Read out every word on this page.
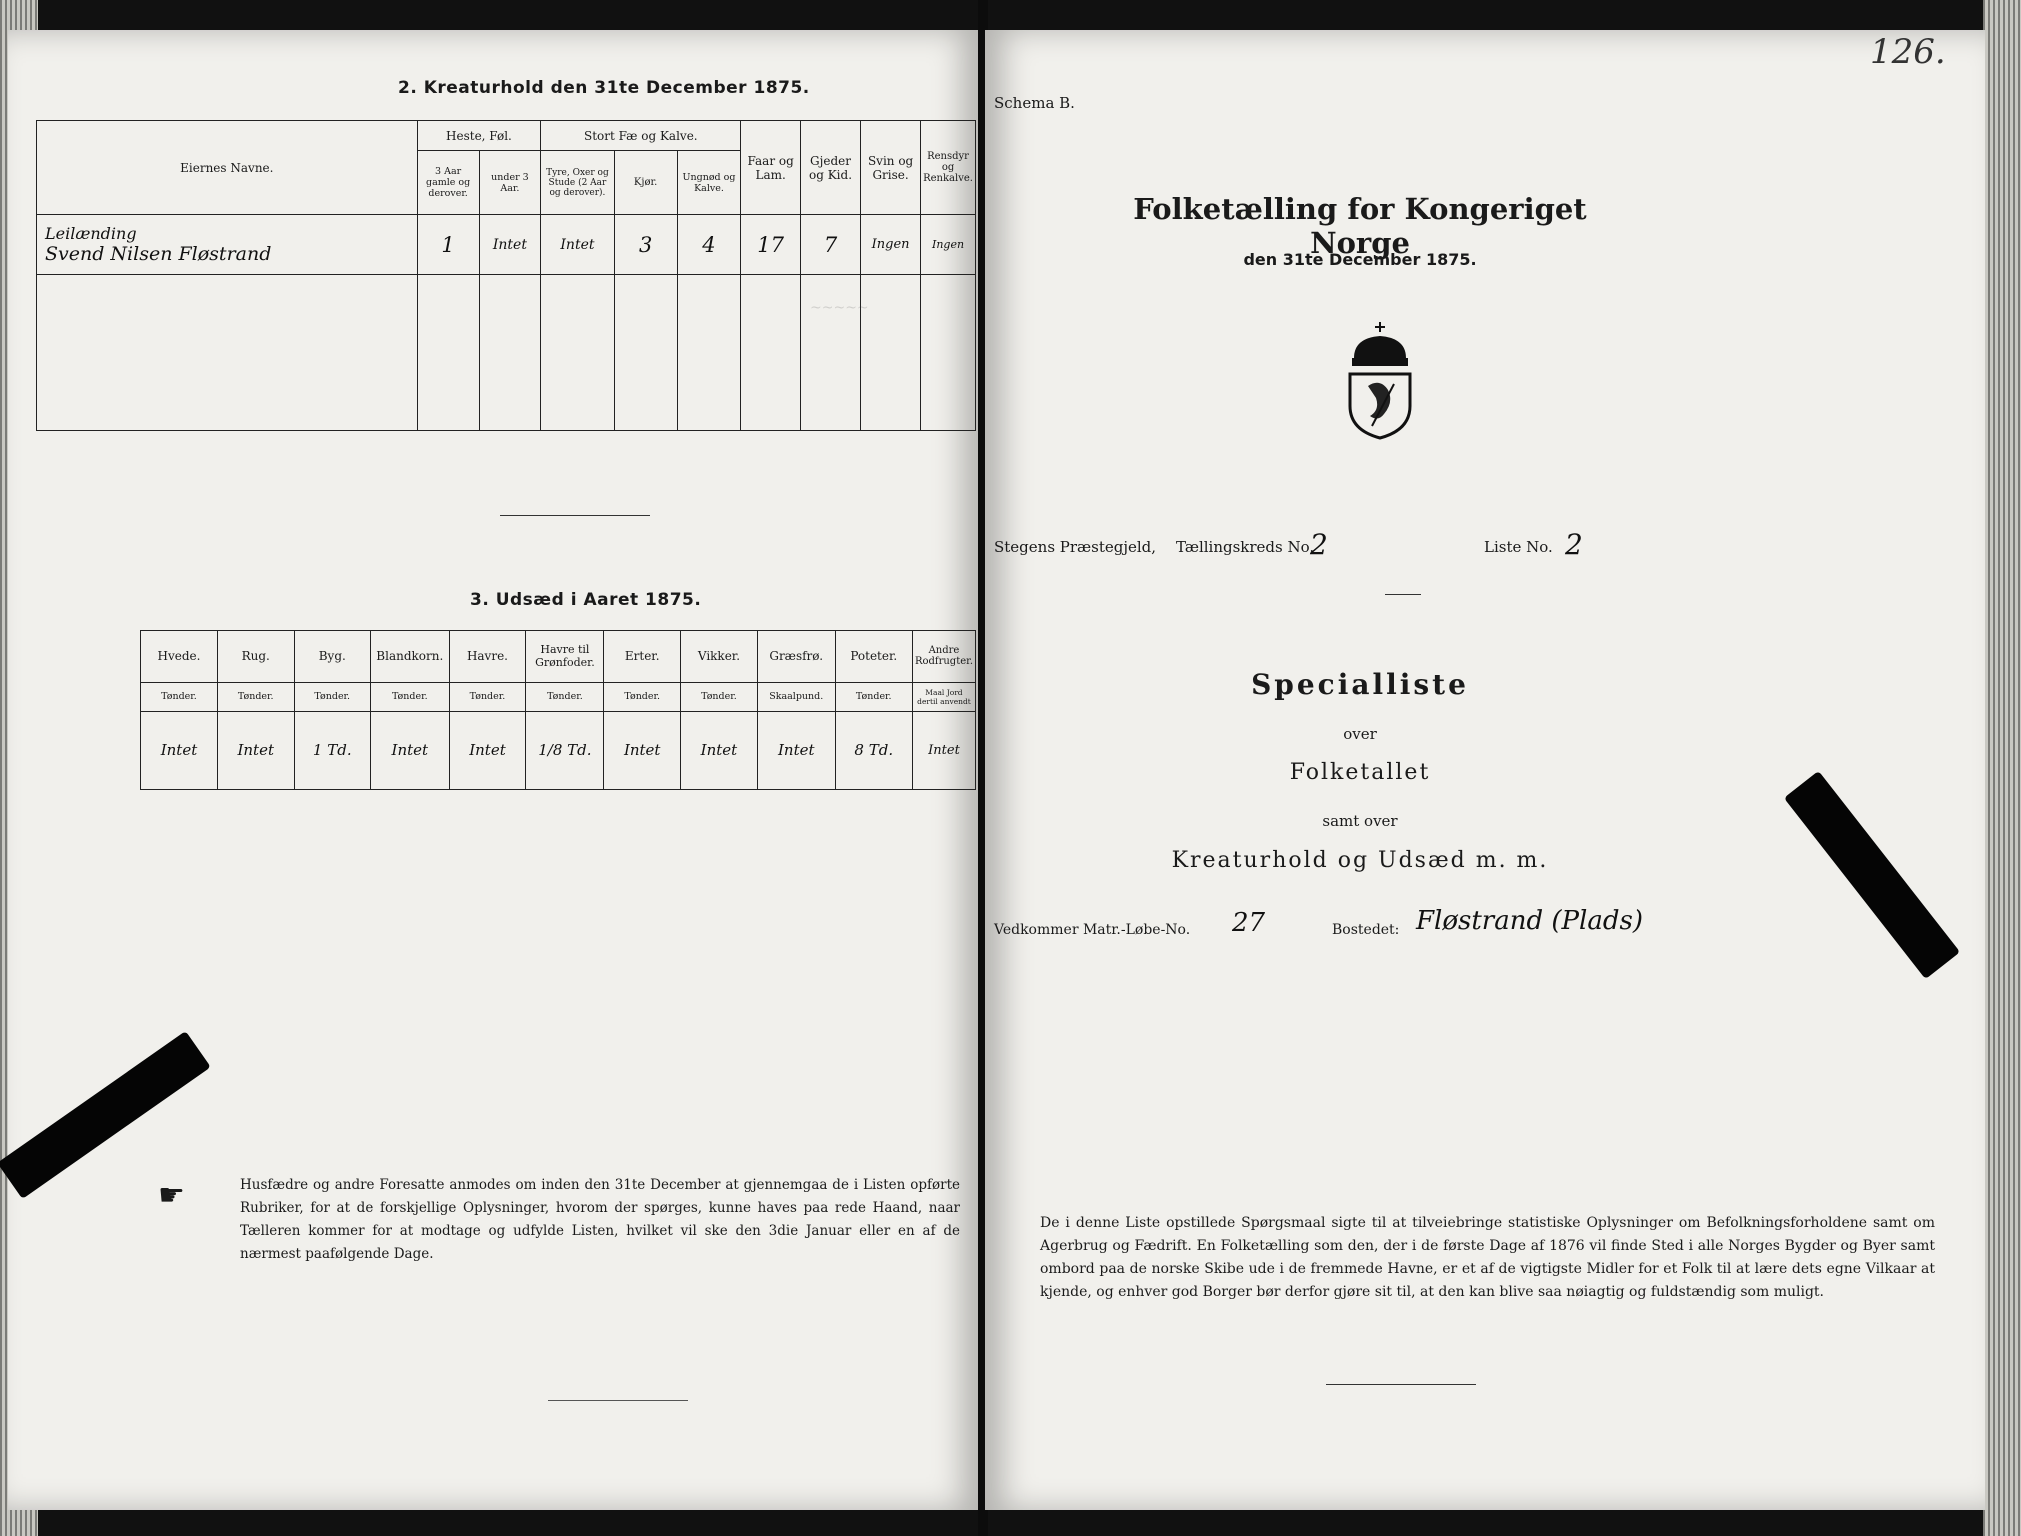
2. Kreaturhold den 31te December 1875.
Eiernes Navne.	Heste, Føl.		Stort Fæ og Kalve.			Faar og Lam.	Gjeder og Kid.	Svin og Grise.	Rensdyr og Renkalve.
	3 Aar gamle og derover.	under 3 Aar.	Tyre, Oxer og Stude (2 Aar og derover).	Kjør.	Ungnød og Kalve.				

Leilænding
Svend Nilsen Fløstrand	1	Intet	Intet	3	4	17	7	Ingen	Ingen

3. Udsæd i Aaret 1875.
Hvede.	Rug.	Byg.	Blandkorn.	Havre.	Havre til Grønfoder.	Erter.	Vikker.	Græsfrø.	Poteter.	Andre Rodfrugter.
Tønder.	Tønder.	Tønder.	Tønder.	Tønder.	Tønder.	Tønder.	Tønder.	Skaalpund.	Tønder.	Maal Jord dertil anvendt
Intet	Intet	1 Td.	Intet	Intet	1/8 Td.	Intet	Intet	Intet	8 Td.	Intet
☛	Husfædre og andre Foresatte anmodes om inden den 31te December at gjennemgaa de i Listen opførte Rubriker, for at de forskjellige Oplysninger, hvorom der spørges, kunne haves paa rede Haand, naar Tælleren kommer for at modtage og udfylde Listen, hvilket vil ske den 3die Januar eller en af de nærmest paafølgende Dage.
~~~~~
126.
Schema B.
Folketælling for Kongeriget Norge
den 31te December 1875.
Stegens Præstegjeld, Tællingskreds No.
2	Liste No. 2
Specialliste
over
Folketallet
samt over
Kreaturhold og Udsæd m. m.
Vedkommer Matr.-Løbe-No. 27	Bostedet: Fløstrand (Plads)
De i denne Liste opstillede Spørgsmaal sigte til at tilveiebringe statistiske Oplysninger om Befolkningsforholdene samt om Agerbrug og Fædrift. En Folketælling som den, der i de første Dage af 1876 vil finde Sted i alle Norges Bygder og Byer samt ombord paa de norske Skibe ude i de fremmede Havne, er et af de vigtigste Midler for et Folk til at lære dets egne Vilkaar at kjende, og enhver god Borger bør derfor gjøre sit til, at den kan blive saa nøiagtig og fuldstændig som muligt.
